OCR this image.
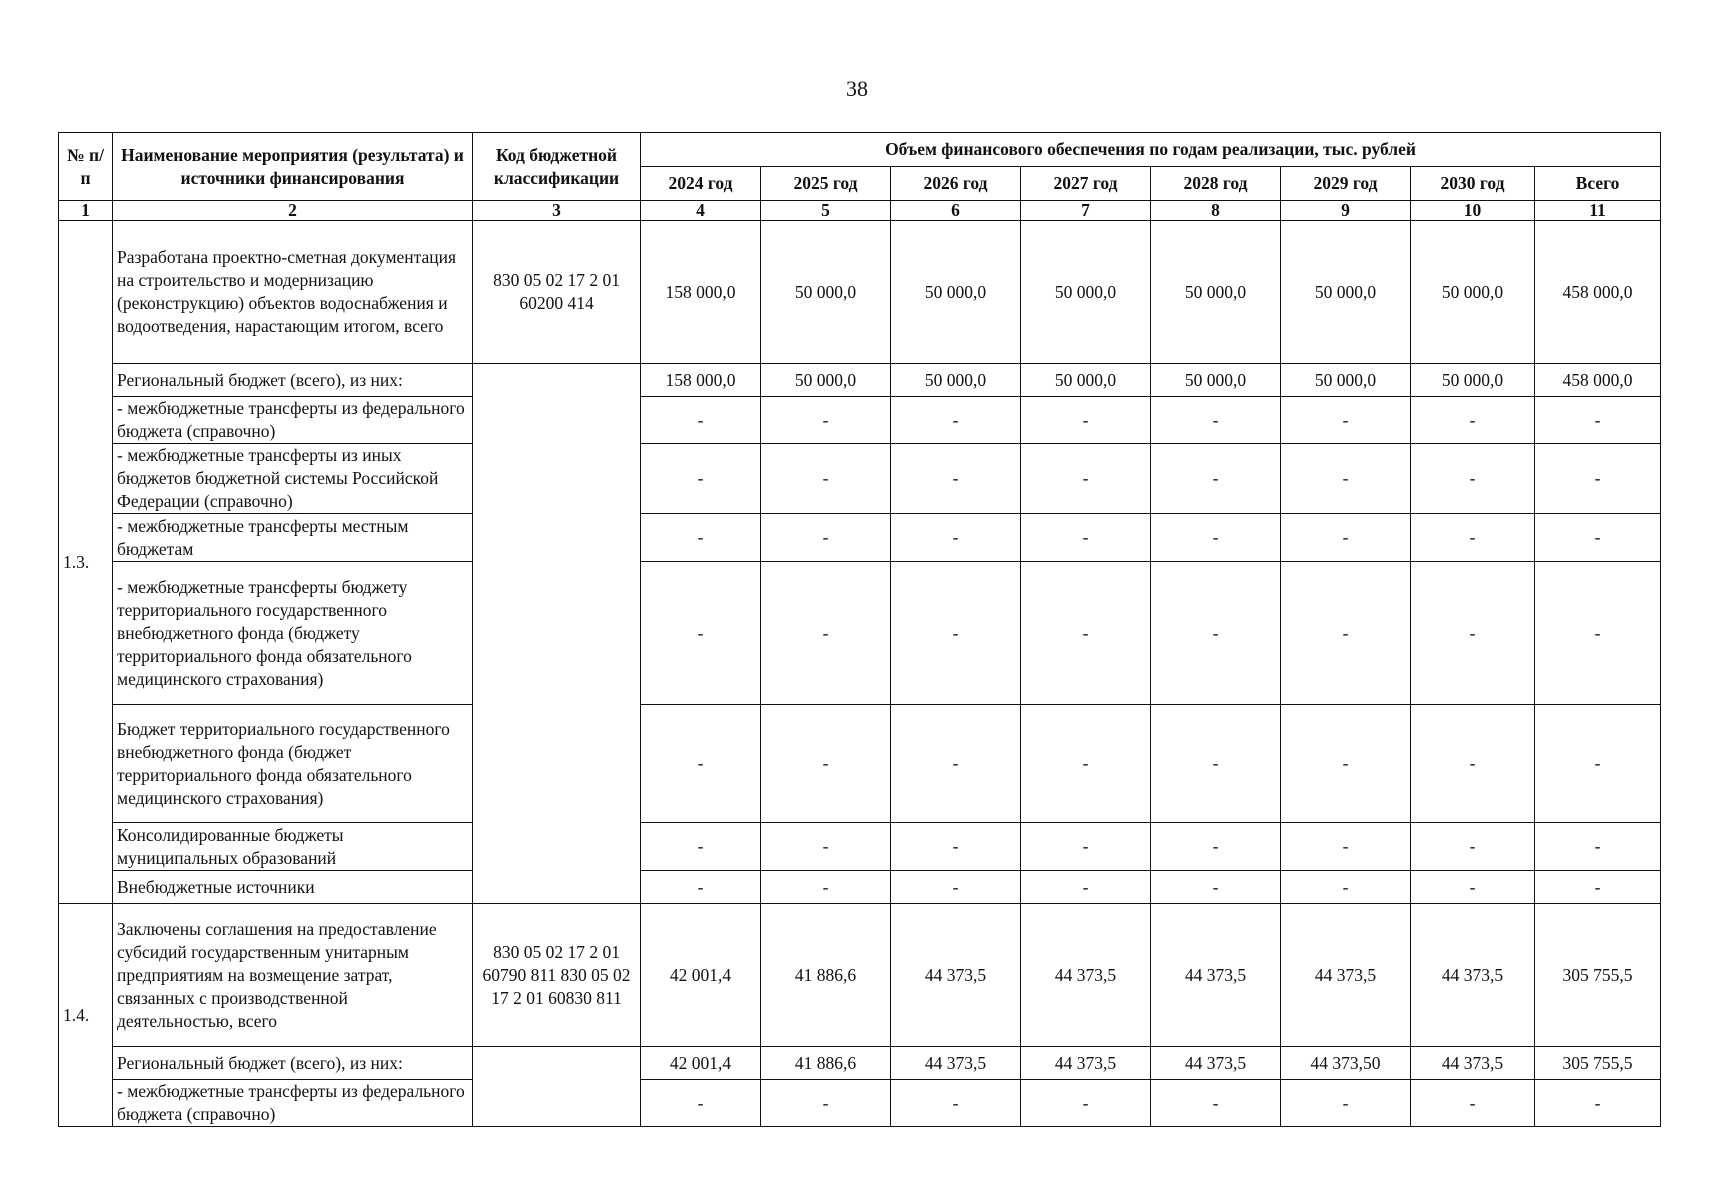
38
№ п/п	Наименование мероприятия (результата) и источники финансирования	Код бюджетной классификации	Объем финансового обеспечения по годам реализации, тыс. рублей							
			2024 год	2025 год	2026 год	2027 год	2028 год	2029 год	2030 год	Всего
1	2	3	4	5	6	7	8	9	10	11
1.3.	Разработана проектно-сметная документация на строительство и модернизацию (реконструкцию) объектов водоснабжения и водоотведения, нарастающим итогом, всего	830 05 02 17 2 01 60200 414	158 000,0	50 000,0	50 000,0	50 000,0	50 000,0	50 000,0	50 000,0	458 000,0
	Региональный бюджет (всего), из них:		158 000,0	50 000,0	50 000,0	50 000,0	50 000,0	50 000,0	50 000,0	458 000,0
	- межбюджетные трансферты из федерального бюджета (справочно)		-	-	-	-	-	-	-	-
	- межбюджетные трансферты из иных бюджетов бюджетной системы Российской Федерации (справочно)		-	-	-	-	-	-	-	-
	- межбюджетные трансферты местным бюджетам		-	-	-	-	-	-	-	-
	- межбюджетные трансферты бюджету территориального государственного внебюджетного фонда (бюджету территориального фонда обязательного медицинского страхования)		-	-	-	-	-	-	-	-
	Бюджет территориального государственного внебюджетного фонда (бюджет территориального фонда обязательного медицинского страхования)		-	-	-	-	-	-	-	-
	Консолидированные бюджеты муниципальных образований		-	-	-	-	-	-	-	-
	Внебюджетные источники		-	-	-	-	-	-	-	-
1.4.	Заключены соглашения на предоставление субсидий государственным унитарным предприятиям на возмещение затрат, связанных с производственной деятельностью, всего	830 05 02 17 2 01 60790 811 830 05 02 17 2 01 60830 811	42 001,4	41 886,6	44 373,5	44 373,5	44 373,5	44 373,5	44 373,5	305 755,5
	Региональный бюджет (всего), из них:		42 001,4	41 886,6	44 373,5	44 373,5	44 373,5	44 373,50	44 373,5	305 755,5
	- межбюджетные трансферты из федерального бюджета (справочно)		-	-	-	-	-	-	-	-
